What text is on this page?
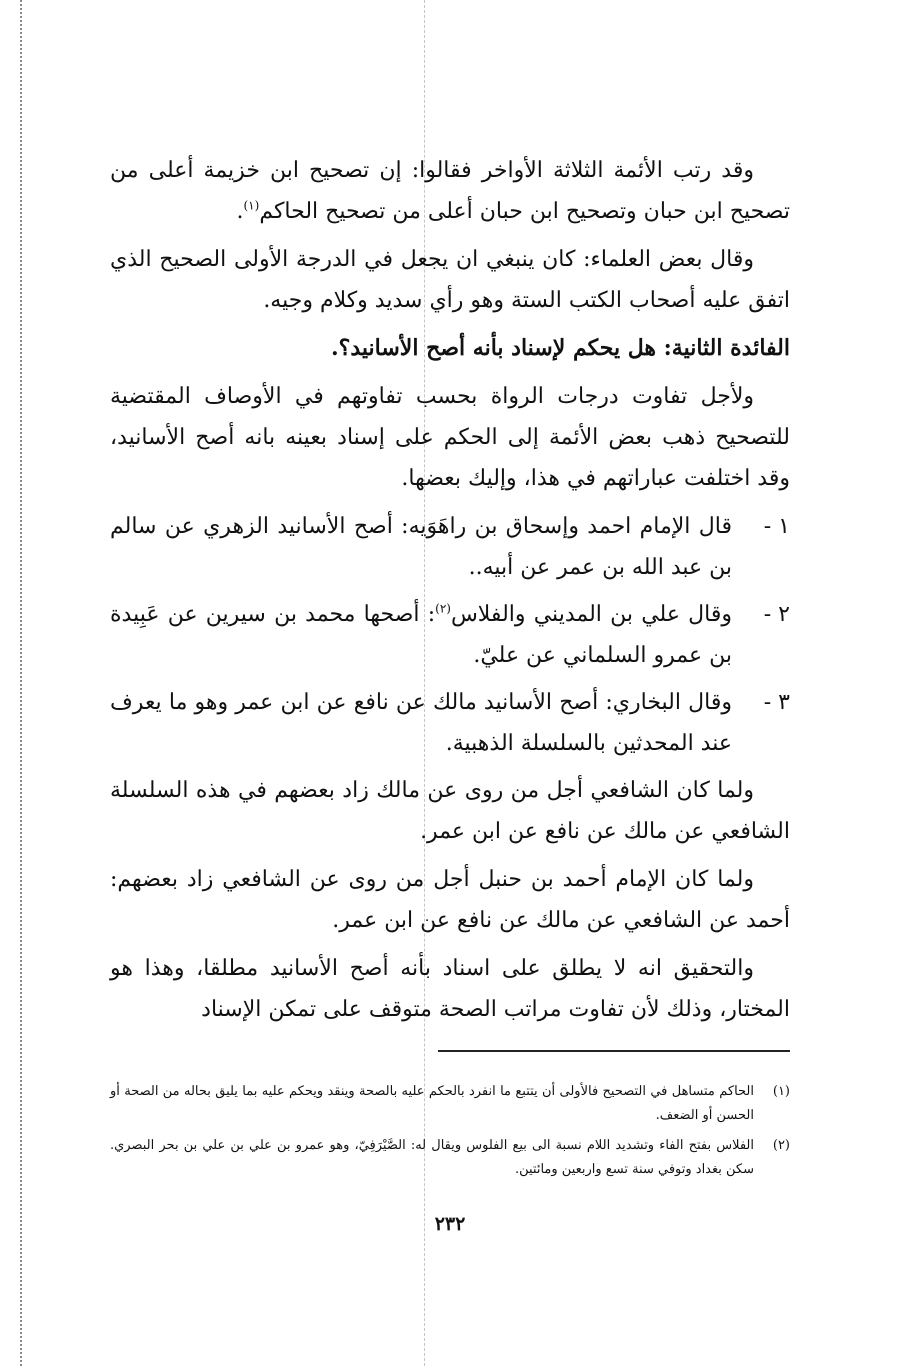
وقد رتب الأئمة الثلاثة الأواخر فقالوا: إن تصحيح ابن خزيمة أعلى من تصحيح ابن حبان وتصحيح ابن حبان أعلى من تصحيح الحاكم$^{(١)}$.

وقال بعض العلماء: كان ينبغي ان يجعل في الدرجة الأولى الصحيح الذي اتفق عليه أصحاب الكتب الستة وهو رأي سديد وكلام وجيه.

الفائدة الثانية: هل يحكم لإسناد بأنه أصح الأسانيد؟.

ولأجل تفاوت درجات الرواة بحسب تفاوتهم في الأوصاف المقتضية للتصحيح ذهب بعض الأئمة إلى الحكم على إسناد بعينه بانه أصح الأسانيد، وقد اختلفت عباراتهم في هذا، وإليك بعضها.

١ -
قال الإمام احمد وإسحاق بن راهَوَيه: أصح الأسانيد الزهري عن سالم بن عبد الله بن عمر عن أبيه..
٢ -
وقال علي بن المديني والفلاس$^{(٢)}$: أصحها محمد بن سيرين عن عَبِيدة بن عمرو السلماني عن عليّ.
٣ -
وقال البخاري: أصح الأسانيد مالك عن نافع عن ابن عمر وهو ما يعرف عند المحدثين بالسلسلة الذهبية.

ولما كان الشافعي أجل من روى عن مالك زاد بعضهم في هذه السلسلة الشافعي عن مالك عن نافع عن ابن عمر.

ولما كان الإمام أحمد بن حنبل أجل من روى عن الشافعي زاد بعضهم: أحمد عن الشافعي عن مالك عن نافع عن ابن عمر.

والتحقيق انه لا يطلق على اسناد بأنه أصح الأسانيد مطلقا، وهذا هو المختار، وذلك لأن تفاوت مراتب الصحة متوقف على تمكن الإسناد

(١)
الحاكم متساهل في التصحيح فالأولى أن يتتبع ما انفرد بالحكم عليه بالصحة وينقد ويحكم عليه بما يليق بحاله من الصحة أو الحسن أو الضعف.
(٢)
الفلاس بفتح الفاء وتشديد اللام نسبة الى بيع الفلوس ويقال له: الصَّيْرَفِيّ، وهو عمرو بن علي بن علي بن بحر البصري. سكن بغداد وتوفي سنة تسع واربعين ومائتين.
٢٣٢
